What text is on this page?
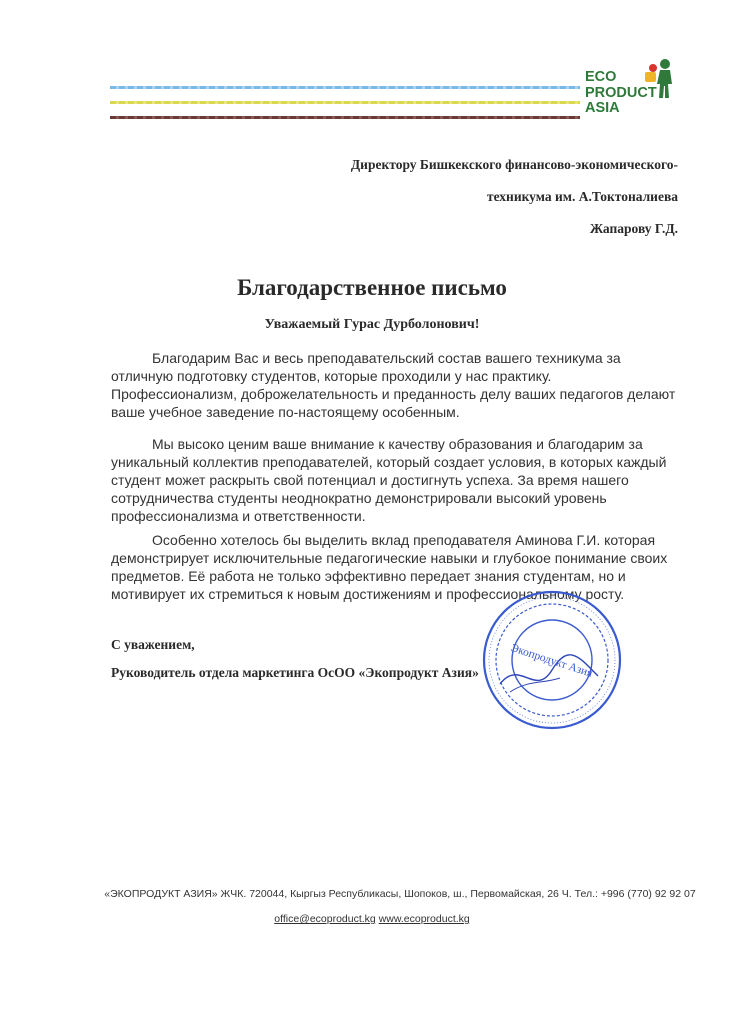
ECO
PRODUCT
ASIA
Директору Бишкекского финансово-экономического-
техникума им. А.Токтоналиева
Жапарову Г.Д.
Благодарственное письмо
Уважаемый Гурас Дурболонович!
Благодарим Вас и весь преподавательский состав вашего техникума за отличную подготовку студентов, которые проходили у нас практику. Профессионализм, доброжелательность и преданность делу ваших педагогов делают ваше учебное заведение по-настоящему особенным.
Мы высоко ценим ваше внимание к качеству образования и благодарим за уникальный коллектив преподавателей, который создает условия, в которых каждый студент может раскрыть свой потенциал и достигнуть успеха. За время нашего сотрудничества студенты неоднократно демонстрировали высокий уровень профессионализма и ответственности.
Особенно хотелось бы выделить вклад преподавателя Аминова Г.И. которая демонстрирует исключительные педагогические навыки и глубокое понимание своих предметов. Её работа не только эффективно передает знания студентам, но и мотивирует их стремиться к новым достижениям и профессиональному росту.
С уважением,
Руководитель отдела маркетинга ОсОО «Экопродукт Азия»	Экопродукт Азия
«ЭКОПРОДУКТ АЗИЯ» ЖЧК. 720044, Кыргыз Республикасы, Шопоков, ш., Первомайская, 26 Ч. Тел.: +996 (770) 92 92 07
office@ecoproduct.kg www.ecoproduct.kg
